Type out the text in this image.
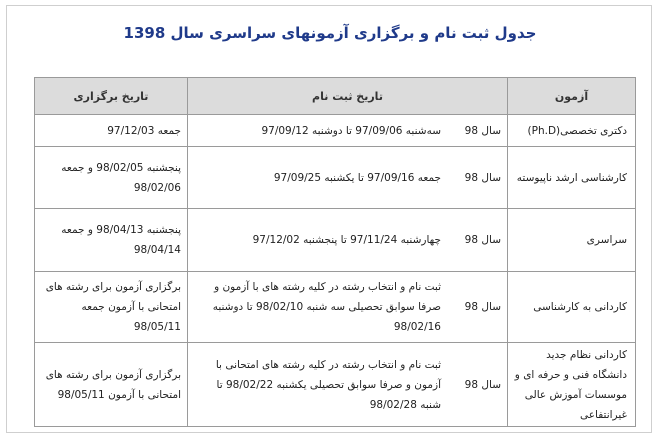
جدول ثبت نام و برگزاری آزمونهای سراسری سال 1398
آزمون	تاریخ ثبت نام		تاریخ برگزاری
دکتری تخصصی(Ph.D)	سال 98	سه‌شنبه 97/09/06 تا دوشنبه 97/09/12	جمعه 97/12/03
کارشناسی ارشد ناپیوسته	سال 98	جمعه 97/09/16 تا یکشنبه 97/09/25	پنجشنبه 98/02/05 و جمعه 98/02/06
سراسری	سال 98	چهارشنبه 97/11/24 تا پنجشنبه 97/12/02	پنجشنبه 98/04/13 و جمعه 98/04/14
کاردانی به کارشناسی	سال 98	ثبت نام و انتخاب رشته در کلیه رشته های با آزمون و صرفا سوابق تحصیلی سه شنبه 98/02/10 تا دوشنبه 98/02/16	برگزاری آزمون برای رشته های امتحانی با آزمون جمعه 98/05/11
کاردانی نظام جدید دانشگاه فنی و حرفه ای و موسسات آموزش عالی غیرانتفاعی	سال 98	ثبت نام و انتخاب رشته در کلیه رشته های امتحانی با آزمون و صرفا سوابق تحصیلی یکشنبه 98/02/22 تا شنبه 98/02/28	برگزاری آزمون برای رشته های امتحانی با آزمون 98/05/11
